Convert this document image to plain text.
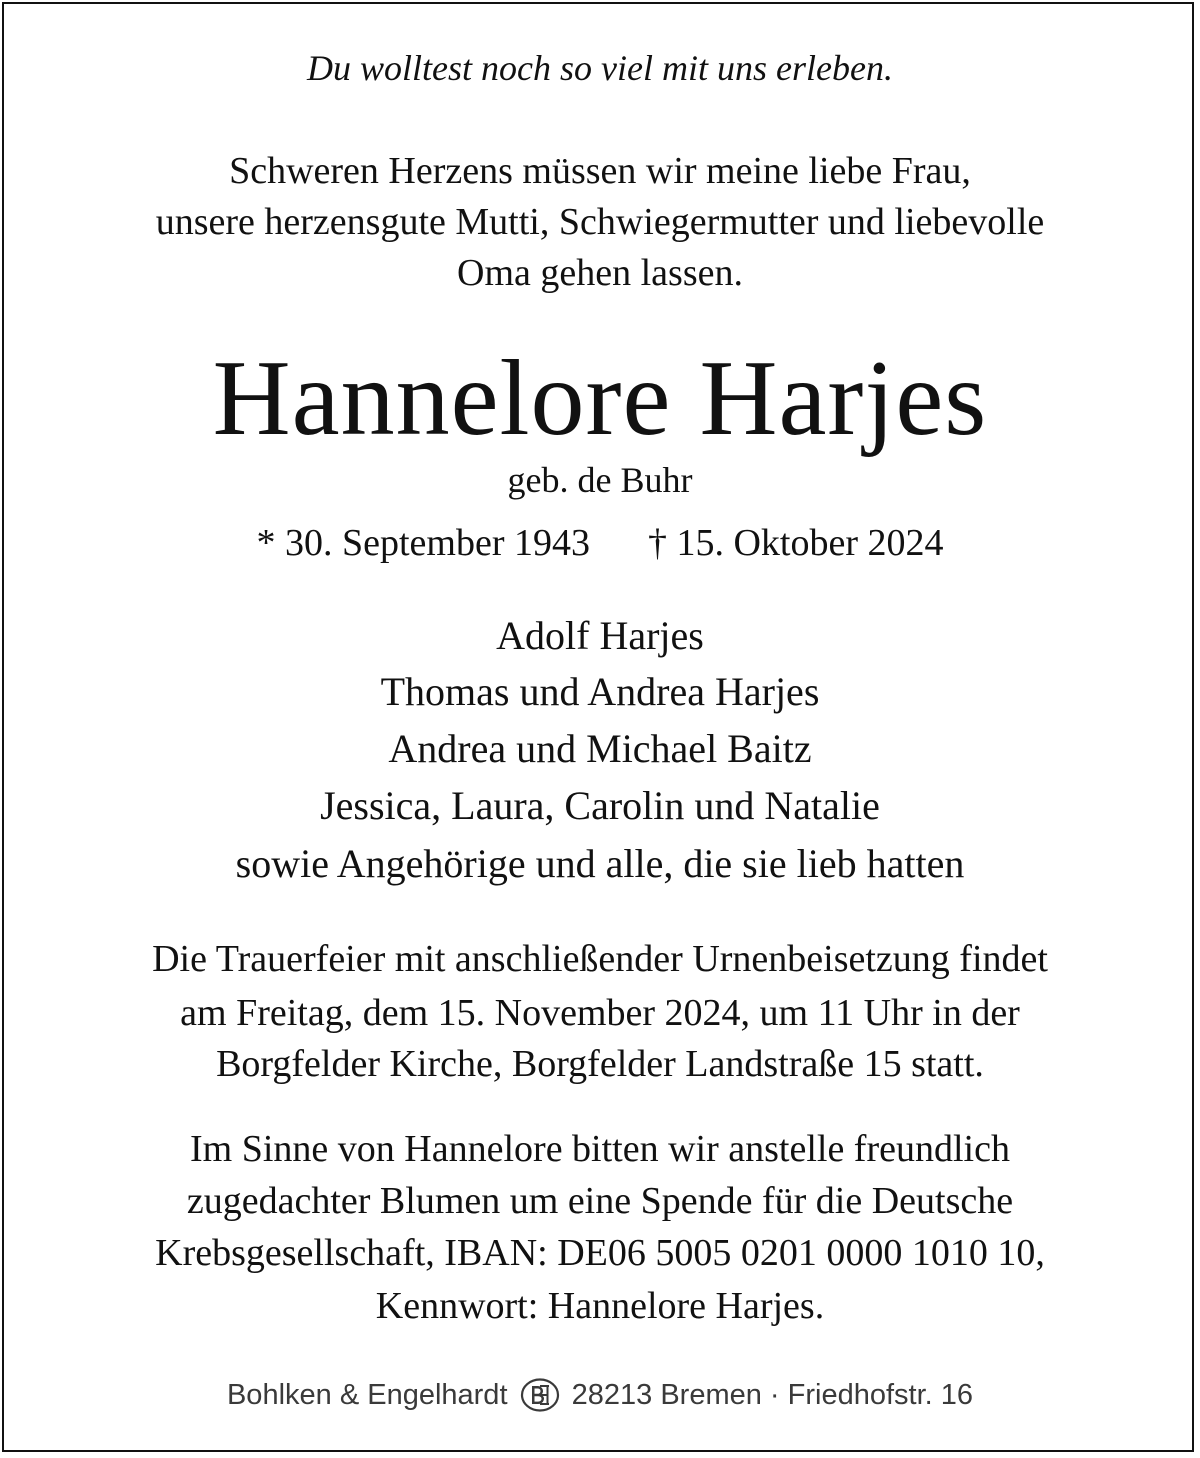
Du wolltest noch so viel mit uns erleben.
Schweren Herzens müssen wir meine liebe Frau,
unsere herzensgute Mutti, Schwiegermutter und liebevolle
Oma gehen lassen.
Hannelore Harjes
geb. de Buhr
* 30. September 1943 † 15. Oktober 2024
Adolf Harjes
Thomas und Andrea Harjes
Andrea und Michael Baitz
Jessica, Laura, Carolin und Natalie
sowie Angehörige und alle, die sie lieb hatten
Die Trauerfeier mit anschließender Urnenbeisetzung findet
am Freitag, dem 15. November 2024, um 11 Uhr in der
Borgfelder Kirche, Borgfelder Landstraße 15 statt.
Im Sinne von Hannelore bitten wir anstelle freundlich
zugedachter Blumen um eine Spende für die Deutsche
Krebsgesellschaft, IBAN: DE06 5005 0201 0000 1010 10,
Kennwort: Hannelore Harjes.
Bohlken & Engelhardt 28213 Bremen · Friedhofstr. 16
